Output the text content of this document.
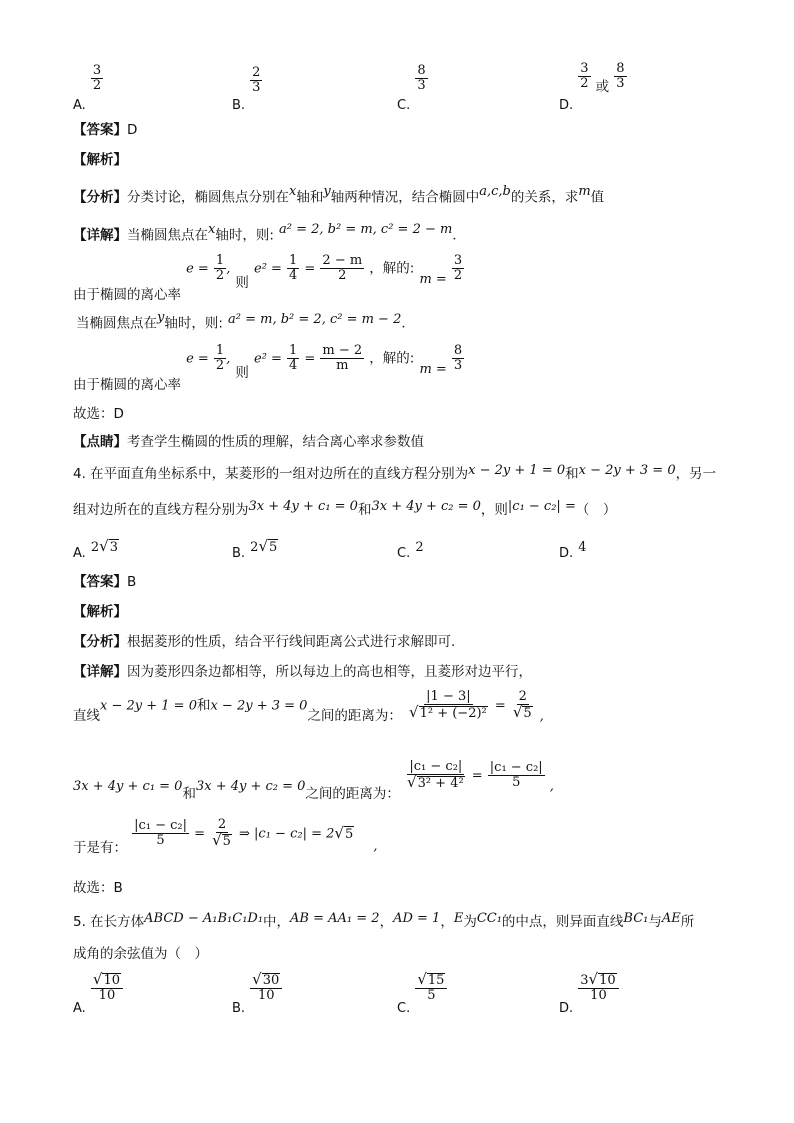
$_{A.}$
$\frac{3}{2}$
$_{B.}$
$\frac{2}{3}$
$_{C.}$
$\frac{8}{3}$
$_{D.}$
$\frac{3}{2} _或 \frac{8}{3}$
【答案】D
【解析】
【分析】分类讨论，椭圆焦点分别在$^x$轴和$^y$轴两种情况，结合椭圆中$^{a,c,b}$的关系，求$^m$值
【详解】当椭圆焦点在$^x$轴时，则: $^{a^2 = 2, b^2 = m, c^2 = 2 - m}$.
$_{由于椭圆的离心率}$ $e = \frac{1}{2}$ , $_则$ $e^2 = \frac{1}{4} = \frac{2 - m}{2}$ ，解的: $_{m =} \frac{3}{2}$
当椭圆焦点在$^y$轴时，则: $^{a^2 = m, b^2 = 2, c^2 = m - 2}$.
$_{由于椭圆的离心率}$ $e = \frac{1}{2}$ , $_则$ $e^2 = \frac{1}{4} = \frac{m - 2}{m}$ ，解的: $_{m =} \frac{8}{3}$
故选：D
【点睛】考查学生椭圆的性质的理解，结合离心率求参数值
4. 在平面直角坐标系中，某菱形的一组对边所在的直线方程分别为$^{x - 2y + 1 = 0}$和$^{x - 2y + 3 = 0}$，另一
组对边所在的直线方程分别为$^{3x + 4y + c_1 = 0}$和$^{3x + 4y + c_2 = 0}$，则$^{|c_1 - c_2| =}$（　）
$_{A.}$ 2 √ 3	$_{B.}$ 2 √ 5	$_{C.}$ 2	$_{D.}$ 4
【答案】B
【解析】
【分析】根据菱形的性质，结合平行线间距离公式进行求解即可.
【详解】因为菱形四条边都相等，所以每边上的高也相等，且菱形对边平行，
$_{直线}$x − 2y + 1 = 0和$x - 2y + 3 = 0_{之间的距离为:} \frac{|1 - 3|}{\text{√ 1² + (−2)²}} = \frac{2}{√ 5} _,$
$_{3x + 4y + c_1 = 0和3x + 4y + c_2 = 0之间的距离为:}$
$\frac{\text{|c₁ − c₂|}}{\text{√ 3² + 4²}} = \frac{\text{|c₁ − c₂|}}{5} _,$
$_{于是有:}$
$\frac{\text{|c₁ − c₂|}}{5} = \frac{2}{√ 5}$ ⇒ |c₁ − c₂| = 2 √ 5
$_,$
故选：B
5. 在长方体$^{ABCD - A_1B_1C_1D_1}$中，$^{AB = AA_1 = 2}$，$^{AD = 1}$，$^E$为$^{CC_1}$的中点，则异面直线$^{BC_1}$与$^{AE}$所
成角的余弦值为（　）
$_{A.}$
$\frac{√ 10}{10}$
$_{B.}$
$\frac{√ 30}{10}$
$_{C.}$
$\frac{√ 15}{5}$
$_{D.}$
$\frac{3 √ 10}{10}$
